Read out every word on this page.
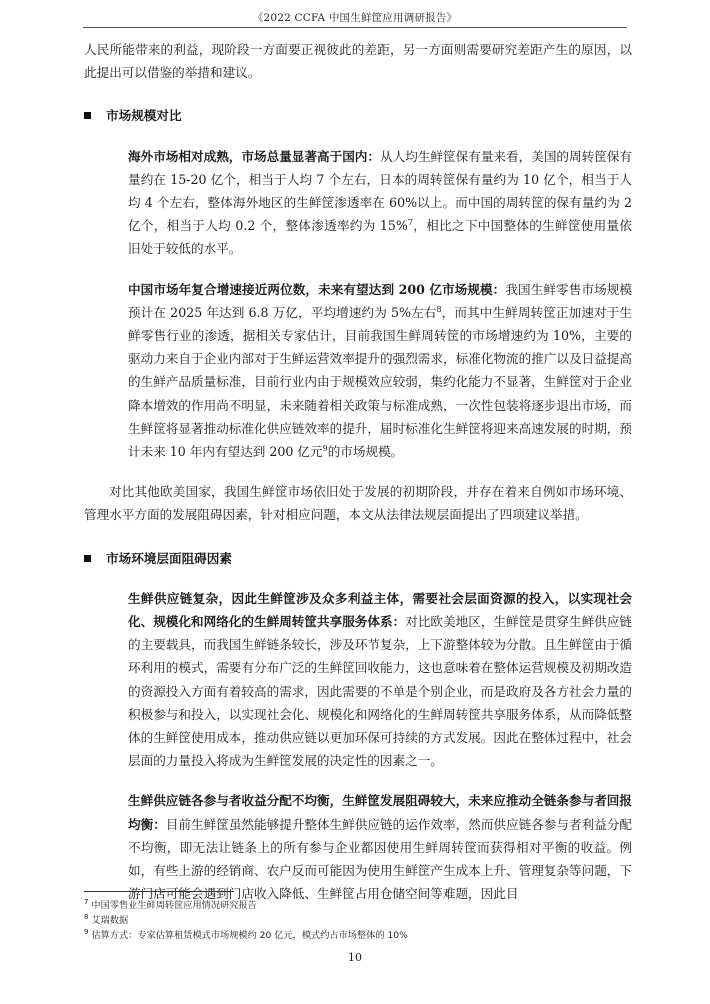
《2022 CCFA 中国生鲜筐应用调研报告》

人民所能带来的利益，现阶段一方面要正视彼此的差距，另一方面则需要研究差距产生的原因，以此提出可以借鉴的举措和建议。

市场规模对比

海外市场相对成熟，市场总量显著高于国内：从人均生鲜筐保有量来看，美国的周转筐保有量约在 15-20 亿个，相当于人均 7 个左右，日本的周转筐保有量约为 10 亿个，相当于人均 4 个左右，整体海外地区的生鲜筐渗透率在 60%以上。而中国的周转筐的保有量约为 2 亿个，相当于人均 0.2 个，整体渗透率约为 15%$^7$，相比之下中国整体的生鲜筐使用量依旧处于较低的水平。

中国市场年复合增速接近两位数，未来有望达到 200 亿市场规模：我国生鲜零售市场规模预计在 2025 年达到 6.8 万亿，平均增速约为 5%左右$^8$，而其中生鲜周转筐正加速对于生鲜零售行业的渗透，据相关专家估计，目前我国生鲜周转筐的市场增速约为 10%，主要的驱动力来自于企业内部对于生鲜运营效率提升的强烈需求，标准化物流的推广以及日益提高的生鲜产品质量标准，目前行业内由于规模效应较弱，集约化能力不显著，生鲜筐对于企业降本增效的作用尚不明显，未来随着相关政策与标准成熟，一次性包装将逐步退出市场，而生鲜筐将显著推动标准化供应链效率的提升，届时标准化生鲜筐将迎来高速发展的时期，预计未来 10 年内有望达到 200 亿元$^9$的市场规模。

对比其他欧美国家，我国生鲜筐市场依旧处于发展的初期阶段，并存在着来自例如市场环境、管理水平方面的发展阻碍因素，针对相应问题，本文从法律法规层面提出了四项建议举措。

市场环境层面阻碍因素

生鲜供应链复杂，因此生鲜筐涉及众多利益主体，需要社会层面资源的投入，以实现社会化、规模化和网络化的生鲜周转筐共享服务体系：对比欧美地区，生鲜筐是贯穿生鲜供应链的主要载具，而我国生鲜链条较长，涉及环节复杂，上下游整体较为分散。且生鲜筐由于循环利用的模式，需要有分布广泛的生鲜筐回收能力，这也意味着在整体运营规模及初期改造的资源投入方面有着较高的需求，因此需要的不单是个别企业，而是政府及各方社会力量的积极参与和投入，以实现社会化、规模化和网络化的生鲜周转筐共享服务体系，从而降低整体的生鲜筐使用成本，推动供应链以更加环保可持续的方式发展。因此在整体过程中，社会层面的力量投入将成为生鲜筐发展的决定性的因素之一。

生鲜供应链各参与者收益分配不均衡，生鲜筐发展阻碍较大，未来应推动全链条参与者回报均衡：目前生鲜筐虽然能够提升整体生鲜供应链的运作效率，然而供应链各参与者利益分配不均衡，即无法让链条上的所有参与企业都因使用生鲜周转筐而获得相对平衡的收益。例如，有些上游的经销商、农户反而可能因为使用生鲜筐产生成本上升、管理复杂等问题，下游门店可能会遇到门店收入降低、生鲜筐占用仓储空间等难题，因此目

$^7$ 中国零售业生鲜周转筐应用情况研究报告

$^8$ 艾瑞数据

$^9$ 估算方式：专家估算租赁模式市场规模约 20 亿元，模式约占市场整体的 10%

10
